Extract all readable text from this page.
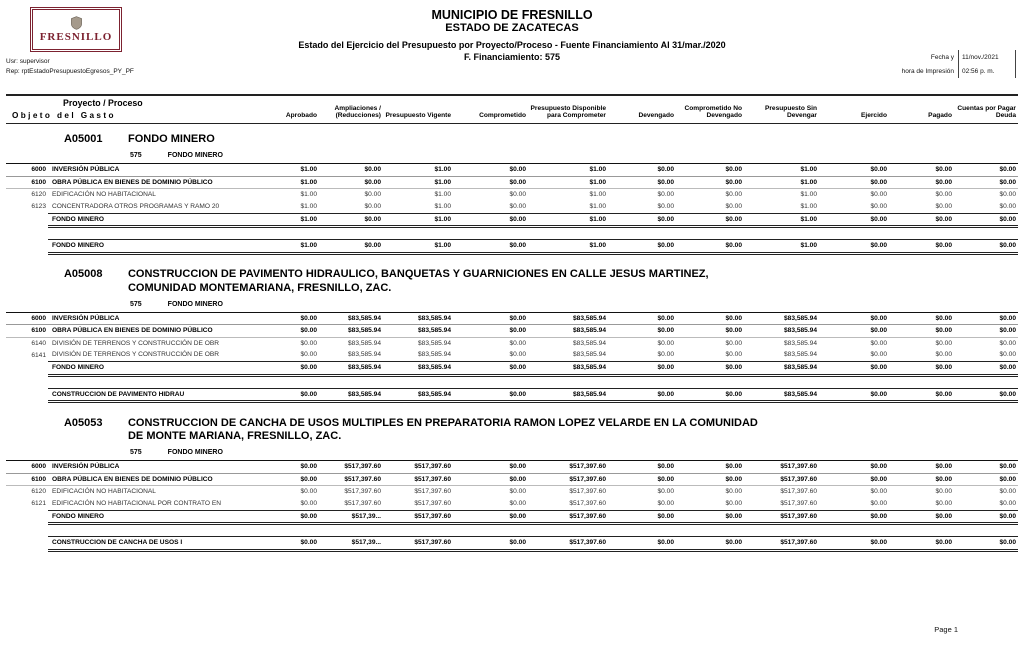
FRESNILLO
Usr: supervisor
Rep: rptEstadoPresupuestoEgresos_PY_PF
MUNICIPIO DE FRESNILLO
ESTADO DE ZACATECAS
Estado del Ejercicio del Presupuesto por Proyecto/Proceso - Fuente Financiamiento Al 31/mar./2020
F. Financiamiento: 575	Fecha y	11/nov./2021
hora de Impresión	02:56 p. m.
Proyecto / Proceso
Objeto del Gasto		Aprobado	Ampliaciones / (Reducciones)	Presupuesto Vigente	Comprometido	Presupuesto Disponible para Comprometer	Devengado	Comprometido No Devengado	Presupuesto Sin Devengar	Ejercido	Pagado	Cuentas por Pagar Deuda

A05001 FONDO MINERO												

575 FONDO MINERO												
6000	INVERSIÓN PÚBLICA	$1.00	$0.00	$1.00	$0.00	$1.00	$0.00	$0.00	$1.00	$0.00	$0.00	$0.00
6100	OBRA PÚBLICA EN BIENES DE DOMINIO PÚBLICO	$1.00	$0.00	$1.00	$0.00	$1.00	$0.00	$0.00	$1.00	$0.00	$0.00	$0.00
6120	EDIFICACIÓN NO HABITACIONAL	$1.00	$0.00	$1.00	$0.00	$1.00	$0.00	$0.00	$1.00	$0.00	$0.00	$0.00
6123	CONCENTRADORA OTROS PROGRAMAS Y RAMO 20	$1.00	$0.00	$1.00	$0.00	$1.00	$0.00	$0.00	$1.00	$0.00	$0.00	$0.00
	FONDO MINERO	$1.00	$0.00	$1.00	$0.00	$1.00	$0.00	$0.00	$1.00	$0.00	$0.00	$0.00

	FONDO MINERO	$1.00	$0.00	$1.00	$0.00	$1.00	$0.00	$0.00	$1.00	$0.00	$0.00	$0.00

A05008 CONSTRUCCION DE PAVIMENTO HIDRAULICO, BANQUETAS Y GUARNICIONES EN CALLE JESUS MARTINEZ, COMUNIDAD MONTEMARIANA, FRESNILLO, ZAC.												

575 FONDO MINERO												
6000	INVERSIÓN PÚBLICA	$0.00	$83,585.94	$83,585.94	$0.00	$83,585.94	$0.00	$0.00	$83,585.94	$0.00	$0.00	$0.00
6100	OBRA PÚBLICA EN BIENES DE DOMINIO PÚBLICO	$0.00	$83,585.94	$83,585.94	$0.00	$83,585.94	$0.00	$0.00	$83,585.94	$0.00	$0.00	$0.00
6140	DIVISIÓN DE TERRENOS Y CONSTRUCCIÓN DE OBR	$0.00	$83,585.94	$83,585.94	$0.00	$83,585.94	$0.00	$0.00	$83,585.94	$0.00	$0.00	$0.00
6141	DIVISIÓN DE TERRENOS Y CONSTRUCCIÓN DE OBR	$0.00	$83,585.94	$83,585.94	$0.00	$83,585.94	$0.00	$0.00	$83,585.94	$0.00	$0.00	$0.00
	FONDO MINERO	$0.00	$83,585.94	$83,585.94	$0.00	$83,585.94	$0.00	$0.00	$83,585.94	$0.00	$0.00	$0.00

	CONSTRUCCION DE PAVIMENTO HIDRAU	$0.00	$83,585.94	$83,585.94	$0.00	$83,585.94	$0.00	$0.00	$83,585.94	$0.00	$0.00	$0.00

A05053 CONSTRUCCION DE CANCHA DE USOS MULTIPLES EN PREPARATORIA RAMON LOPEZ VELARDE EN LA COMUNIDAD DE MONTE MARIANA, FRESNILLO, ZAC.												

575 FONDO MINERO												
6000	INVERSIÓN PÚBLICA	$0.00	$517,397.60	$517,397.60	$0.00	$517,397.60	$0.00	$0.00	$517,397.60	$0.00	$0.00	$0.00
6100	OBRA PÚBLICA EN BIENES DE DOMINIO PÚBLICO	$0.00	$517,397.60	$517,397.60	$0.00	$517,397.60	$0.00	$0.00	$517,397.60	$0.00	$0.00	$0.00
6120	EDIFICACIÓN NO HABITACIONAL	$0.00	$517,397.60	$517,397.60	$0.00	$517,397.60	$0.00	$0.00	$517,397.60	$0.00	$0.00	$0.00
6121	EDIFICACIÓN NO HABITACIONAL POR CONTRATO EN	$0.00	$517,397.60	$517,397.60	$0.00	$517,397.60	$0.00	$0.00	$517,397.60	$0.00	$0.00	$0.00
	FONDO MINERO	$0.00	$517,39...	$517,397.60	$0.00	$517,397.60	$0.00	$0.00	$517,397.60	$0.00	$0.00	$0.00

	CONSTRUCCION DE CANCHA DE USOS I	$0.00	$517,39...	$517,397.60	$0.00	$517,397.60	$0.00	$0.00	$517,397.60	$0.00	$0.00	$0.00

Page 1
